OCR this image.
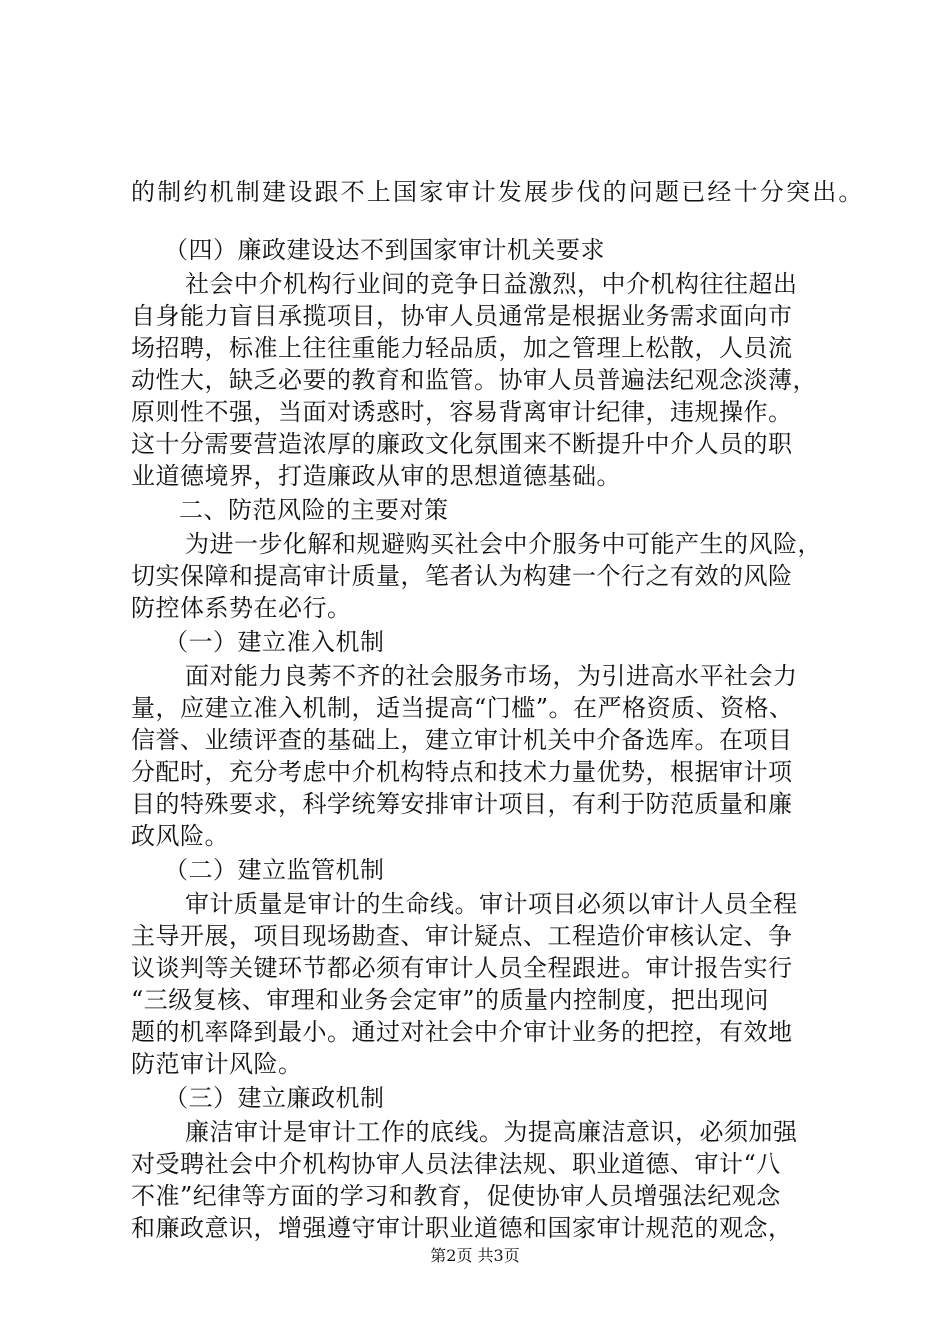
的制约机制建设跟不上国家审计发展步伐的问题已经十分突出。

（四）廉政建设达不到国家审计机关要求

社会中介机构行业间的竞争日益激烈，中介机构往往超出

自身能力盲目承揽项目，协审人员通常是根据业务需求面向市

场招聘，标准上往往重能力轻品质，加之管理上松散，人员流

动性大，缺乏必要的教育和监管。协审人员普遍法纪观念淡薄，

原则性不强，当面对诱惑时，容易背离审计纪律，违规操作。

这十分需要营造浓厚的廉政文化氛围来不断提升中介人员的职

业道德境界，打造廉政从审的思想道德基础。

二、防范风险的主要对策

为进一步化解和规避购买社会中介服务中可能产生的风险，

切实保障和提高审计质量，笔者认为构建一个行之有效的风险

防控体系势在必行。

（一）建立准入机制

面对能力良莠不齐的社会服务市场，为引进高水平社会力

量，应建立准入机制，适当提高“门槛”。在严格资质、资格、

信誉、业绩评查的基础上，建立审计机关中介备选库。在项目

分配时，充分考虑中介机构特点和技术力量优势，根据审计项

目的特殊要求，科学统筹安排审计项目，有利于防范质量和廉

政风险。

（二）建立监管机制

审计质量是审计的生命线。审计项目必须以审计人员全程

主导开展，项目现场勘查、审计疑点、工程造价审核认定、争

议谈判等关键环节都必须有审计人员全程跟进。审计报告实行

“三级复核、审理和业务会定审”的质量内控制度，把出现问

题的机率降到最小。通过对社会中介审计业务的把控，有效地

防范审计风险。

（三）建立廉政机制

廉洁审计是审计工作的底线。为提高廉洁意识，必须加强

对受聘社会中介机构协审人员法律法规、职业道德、审计“八

不准”纪律等方面的学习和教育，促使协审人员增强法纪观念

和廉政意识，增强遵守审计职业道德和国家审计规范的观念，

第2页 共3页
